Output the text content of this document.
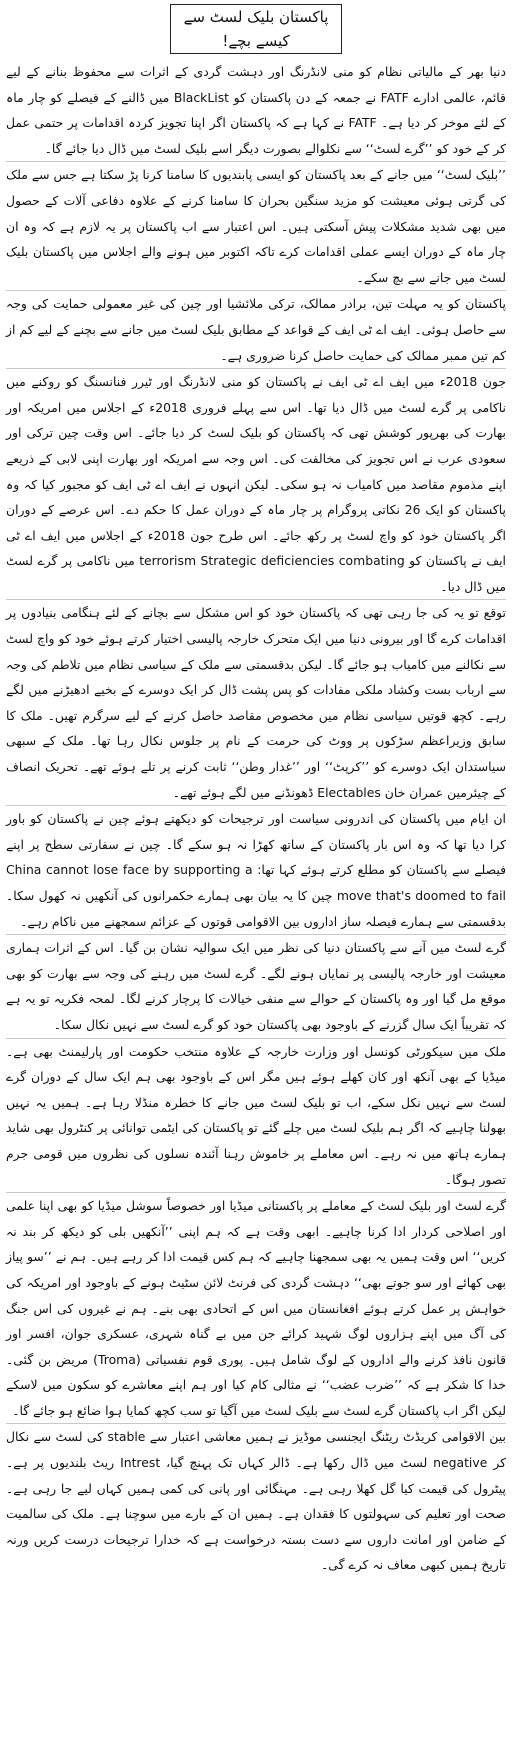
پاکستان بلیک لسٹ سے کیسے بچے!

دنیا بھر کے مالیاتی نظام کو منی لانڈرنگ اور دہشت گردی کے اثرات سے محفوظ بنانے کے لیے قائم، عالمی ادارے FATF نے جمعہ کے دن پاکستان کو BlackList میں ڈالنے کے فیصلے کو چار ماہ کے لئے موخر کر دیا ہے۔ FATF نے کہا ہے کہ پاکستان اگر اپنا تجویز کردہ اقدامات پر حتمی عمل کر کے خود کو ’’گرے لسٹ‘‘ سے نکلوالے بصورت دیگر اسے بلیک لسٹ میں ڈال دیا جائے گا۔

’’بلیک لسٹ‘‘ میں جانے کے بعد پاکستان کو ایسی پابندیوں کا سامنا کرنا پڑ سکتا ہے جس سے ملک کی گرتی ہوئی معیشت کو مزید سنگین بحران کا سامنا کرنے کے علاوہ دفاعی آلات کے حصول میں بھی شدید مشکلات پیش آسکتی ہیں۔ اس اعتبار سے اب پاکستان پر یہ لازم ہے کہ وہ ان چار ماہ کے دوران ایسے عملی اقدامات کرے تاکہ اکتوبر میں ہونے والے اجلاس میں پاکستان بلیک لسٹ میں جانے سے بچ سکے۔

پاکستان کو یہ مہلت تین، برادر ممالک، ترکی ملائشیا اور چین کی غیر معمولی حمایت کی وجہ سے حاصل ہوئی۔ ایف اے ٹی ایف کے قواعد کے مطابق بلیک لسٹ میں جانے سے بچنے کے لیے کم از کم تین ممبر ممالک کی حمایت حاصل کرنا ضروری ہے۔

جون 2018ء میں ایف اے ٹی ایف نے پاکستان کو منی لانڈرنگ اور ٹیرر فنانسنگ کو روکنے میں ناکامی پر گرے لسٹ میں ڈال دیا تھا۔ اس سے پہلے فروری 2018ء کے اجلاس میں امریکہ اور بھارت کی بھرپور کوشش تھی کہ پاکستان کو بلیک لسٹ کر دیا جائے۔ اس وقت چین ترکی اور سعودی عرب نے اس تجویز کی مخالفت کی۔ اس وجہ سے امریکہ اور بھارت اپنی لابی کے ذریعے اپنے مذموم مقاصد میں کامیاب نہ ہو سکی۔ لیکن انہوں نے ایف اے ٹی ایف کو مجبور کیا کہ وہ پاکستان کو ایک 26 نکاتی پروگرام پر چار ماہ کے دوران عمل کا حکم دے۔ اس عرصے کے دوران اگر پاکستان خود کو واچ لسٹ پر رکھ جائے۔ اس طرح جون 2018ء کے اجلاس میں ایف اے ٹی ایف نے پاکستان کو terrorism Strategic deficiencies combating میں ناکامی پر گرے لسٹ میں ڈال دیا۔

توقع تو یہ کی جا رہی تھی کہ پاکستان خود کو اس مشکل سے بچانے کے لئے ہنگامی بنیادوں پر اقدامات کرے گا اور بیرونی دنیا میں ایک متحرک خارجہ پالیسی اختیار کرتے ہوئے خود کو واچ لسٹ سے نکالنے میں کامیاب ہو جائے گا۔ لیکن بدقسمتی سے ملک کے سیاسی نظام میں تلاطم کی وجہ سے ارباب بست وکشاد ملکی مفادات کو پس پشت ڈال کر ایک دوسرے کے بخیے ادھیڑنے میں لگے رہے۔ کچھ قوتیں سیاسی نظام میں مخصوص مقاصد حاصل کرنے کے لیے سرگرم تھیں۔ ملک کا سابق وزیراعظم سڑکوں پر ووٹ کی حرمت کے نام پر جلوس نکال رہا تھا۔ ملک کے سبھی سیاستدان ایک دوسرے کو ’’کرپٹ‘‘ اور ’’غدار وطن‘‘ ثابت کرنے پر تلے ہوئے تھے۔ تحریک انصاف کے چیئرمین عمران خان Electables ڈھونڈنے میں لگے ہوئے تھے۔

ان ایام میں پاکستان کی اندرونی سیاست اور ترجیحات کو دیکھتے ہوئے چین نے پاکستان کو باور کرا دیا تھا کہ وہ اس بار پاکستان کے ساتھ کھڑا نہ ہو سکے گا۔ چین نے سفارتی سطح پر اپنے فیصلے سے پاکستان کو مطلع کرتے ہوئے کہا تھا: China cannot lose face by supporting a move that's doomed to fail چین کا یہ بیان بھی ہمارے حکمرانوں کی آنکھیں نہ کھول سکا۔ بدقسمتی سے ہمارے فیصلہ ساز اداروں بین الاقوامی قوتوں کے عزائم سمجھنے میں ناکام رہے۔

گرے لسٹ میں آنے سے پاکستان دنیا کی نظر میں ایک سوالیہ نشان بن گیا۔ اس کے اثرات ہماری معیشت اور خارجہ پالیسی پر نمایاں ہونے لگے۔ گرے لسٹ میں رہنے کی وجہ سے بھارت کو بھی موقع مل گیا اور وہ پاکستان کے حوالے سے منفی خیالات کا پرچار کرنے لگا۔ لمحہ فکریہ تو یہ ہے کہ تقریباً ایک سال گزرنے کے باوجود بھی پاکستان خود کو گرے لسٹ سے نہیں نکال سکا۔

ملک میں سیکورٹی کونسل اور وزارت خارجہ کے علاوہ منتخب حکومت اور پارلیمنٹ بھی ہے۔ میڈیا کے بھی آنکھ اور کان کھلے ہوئے ہیں مگر اس کے باوجود بھی ہم ایک سال کے دوران گرے لسٹ سے نہیں نکل سکے، اب تو بلیک لسٹ میں جانے کا خطرہ منڈلا رہا ہے۔ ہمیں یہ نہیں بھولنا چاہیے کہ اگر ہم بلیک لسٹ میں چلے گئے تو پاکستان کی ایٹمی توانائی پر کنٹرول بھی شاید ہمارے ہاتھ میں نہ رہے۔ اس معاملے پر خاموش رہنا آئندہ نسلوں کی نظروں میں قومی جرم تصور ہوگا۔

گرے لسٹ اور بلیک لسٹ کے معاملے پر پاکستانی میڈیا اور خصوصاً سوشل میڈیا کو بھی اپنا علمی اور اصلاحی کردار ادا کرنا چاہیے۔ ابھی وقت ہے کہ ہم اپنی ’’آنکھیں بلی کو دیکھ کر بند نہ کریں‘‘ اس وقت ہمیں یہ بھی سمجھنا چاہیے کہ ہم کس قیمت ادا کر رہے ہیں۔ ہم نے ’’سو پیاز بھی کھائے اور سو جوتے بھی‘‘ دہشت گردی کی فرنٹ لائن سٹیٹ ہونے کے باوجود اور امریکہ کی خواہش پر عمل کرتے ہوئے افغانستان میں اس کے اتحادی بھی بنے۔ ہم نے غیروں کی اس جنگ کی آگ میں اپنے ہزاروں لوگ شہید کرائے جن میں بے گناہ شہری، عسکری جوان، افسر اور قانون نافذ کرنے والے اداروں کے لوگ شامل ہیں۔ پوری قوم نفسیاتی (Troma) مریض بن گئی۔ خدا کا شکر ہے کہ ’’ضرب عضب‘‘ نے مثالی کام کیا اور ہم اپنے معاشرے کو سکون میں لاسکے لیکن اگر اب پاکستان گرے لسٹ سے بلیک لسٹ میں آگیا تو سب کچھ کمایا ہوا ضائع ہو جائے گا۔

بین الاقوامی کریڈٹ ریٹنگ ایجنسی موڈیز نے ہمیں معاشی اعتبار سے stable کی لسٹ سے نکال کر negative لسٹ میں ڈال رکھا ہے۔ ڈالر کہاں تک پہنچ گیا، Intrest ریٹ بلندیوں پر ہے۔ پیٹرول کی قیمت کیا گل کھلا رہی ہے۔ مہنگائی اور پانی کی کمی ہمیں کہاں لیے جا رہی ہے۔ صحت اور تعلیم کی سہولتوں کا فقدان ہے۔ ہمیں ان کے بارے میں سوچنا ہے۔ ملک کی سالمیت کے ضامن اور امانت داروں سے دست بستہ درخواست ہے کہ خدارا ترجیحات درست کریں ورنہ تاریخ ہمیں کبھی معاف نہ کرے گی۔
